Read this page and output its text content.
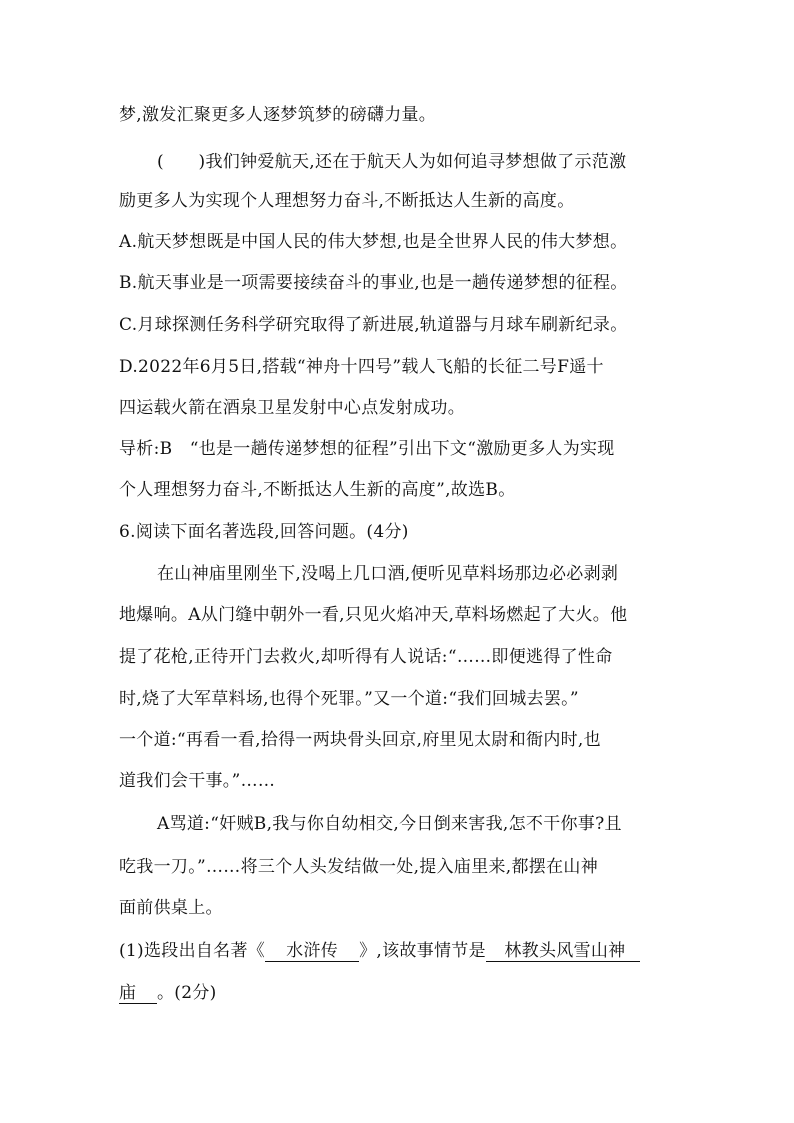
梦,激发汇聚更多人逐梦筑梦的磅礴力量。
(　　)我们钟爱航天,还在于航天人为如何追寻梦想做了示范激
励更多人为实现个人理想努力奋斗,不断抵达人生新的高度。
A.航天梦想既是中国人民的伟大梦想,也是全世界人民的伟大梦想。
B.航天事业是一项需要接续奋斗的事业,也是一趟传递梦想的征程。
C.月球探测任务科学研究取得了新进展,轨道器与月球车刷新纪录。
D.2022年6月5日,搭载“神舟十四号”载人飞船的长征二号F遥十
四运载火箭在酒泉卫星发射中心点发射成功。
导析:B　“也是一趟传递梦想的征程”引出下文“激励更多人为实现
个人理想努力奋斗,不断抵达人生新的高度”,故选B。
6.阅读下面名著选段,回答问题。(4分)
在山神庙里刚坐下,没喝上几口酒,便听见草料场那边必必剥剥
地爆响。A从门缝中朝外一看,只见火焰冲天,草料场燃起了大火。他
提了花枪,正待开门去救火,却听得有人说话:“……即便逃得了性命
时,烧了大军草料场,也得个死罪。”又一个道:“我们回城去罢。”
一个道:“再看一看,拾得一两块骨头回京,府里见太尉和衙内时,也
道我们会干事。”……
A骂道:“奸贼B,我与你自幼相交,今日倒来害我,怎不干你事?且
吃我一刀。”……将三个人头发结做一处,提入庙里来,都摆在山神
面前供桌上。
(1)选段出自名著《 水浒传 》,该故事情节是 林教头风雪山神
庙 。(2分)
